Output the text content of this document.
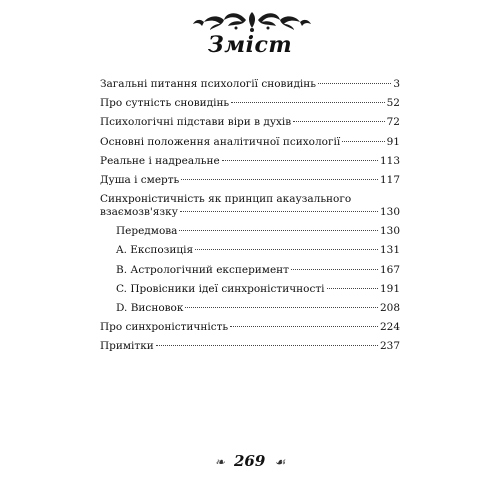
Зміст
Загальні питання психології сновидінь	3
Про сутність сновидінь	52
Психологічні підстави віри в духів	72
Основні положення аналітичної психології	91
Реальне і надреальне	113
Душа і смерть	117
Синхроністичність як принцип акаузального
взаємозв'язку	130
Передмова	130
A. Експозиція	131
B. Астрологічний експеримент	167
C. Провісники ідеї синхроністичності	191
D. Висновок	208
Про синхроністичність	224
Примітки	237
❧ 269 ☙
